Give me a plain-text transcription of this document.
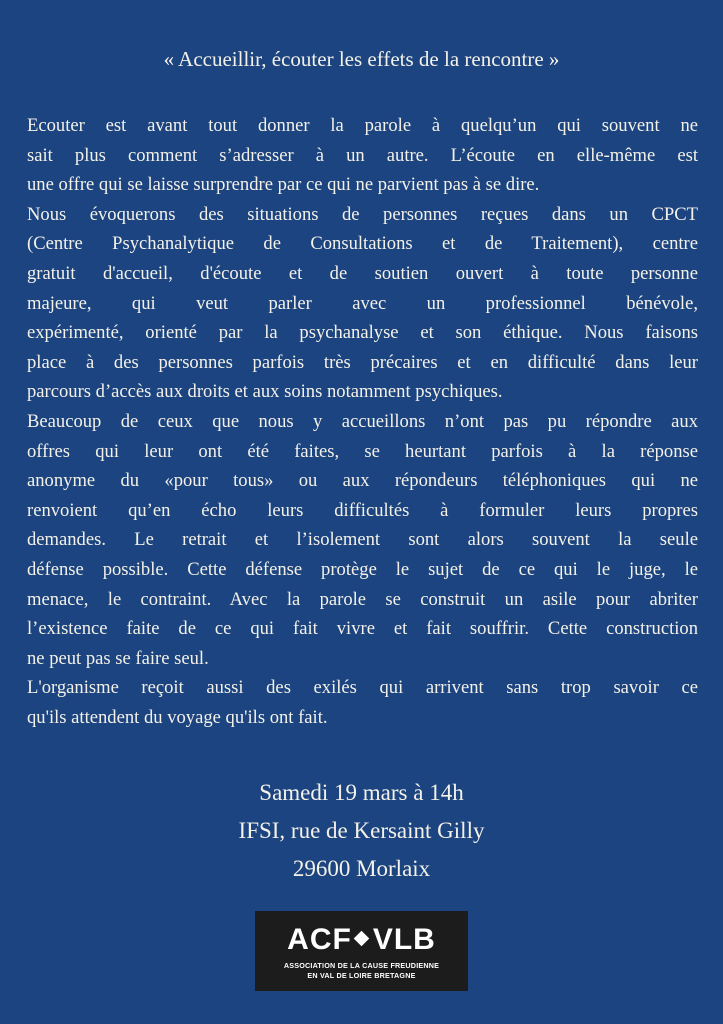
« Accueillir, écouter les effets de la rencontre »
Ecouter est avant tout donner la parole à quelqu’un qui souvent ne
sait plus comment s’adresser à un autre. L’écoute en elle-même est
une offre qui se laisse surprendre par ce qui ne parvient pas à se dire.
Nous évoquerons des situations de personnes reçues dans un CPCT
(Centre Psychanalytique de Consultations et de Traitement), centre
gratuit d'accueil, d'écoute et de soutien ouvert à toute personne
majeure, qui veut parler avec un professionnel bénévole,
expérimenté, orienté par la psychanalyse et son éthique. Nous faisons
place à des personnes parfois très précaires et en difficulté dans leur
parcours d’accès aux droits et aux soins notamment psychiques.
Beaucoup de ceux que nous y accueillons n’ont pas pu répondre aux
offres qui leur ont été faites, se heurtant parfois à la réponse
anonyme du «pour tous» ou aux répondeurs téléphoniques qui ne
renvoient qu’en écho leurs difficultés à formuler leurs propres
demandes. Le retrait et l’isolement sont alors souvent la seule
défense possible. Cette défense protège le sujet de ce qui le juge, le
menace, le contraint. Avec la parole se construit un asile pour abriter
l’existence faite de ce qui fait vivre et fait souffrir. Cette construction
ne peut pas se faire seul.
L'organisme reçoit aussi des exilés qui arrivent sans trop savoir ce
qu'ils attendent du voyage qu'ils ont fait.
Samedi 19 mars à 14h
IFSI, rue de Kersaint Gilly
29600 Morlaix
ACF VLB
ASSOCIATION DE LA CAUSE FREUDIENNE
EN VAL DE LOIRE BRETAGNE
